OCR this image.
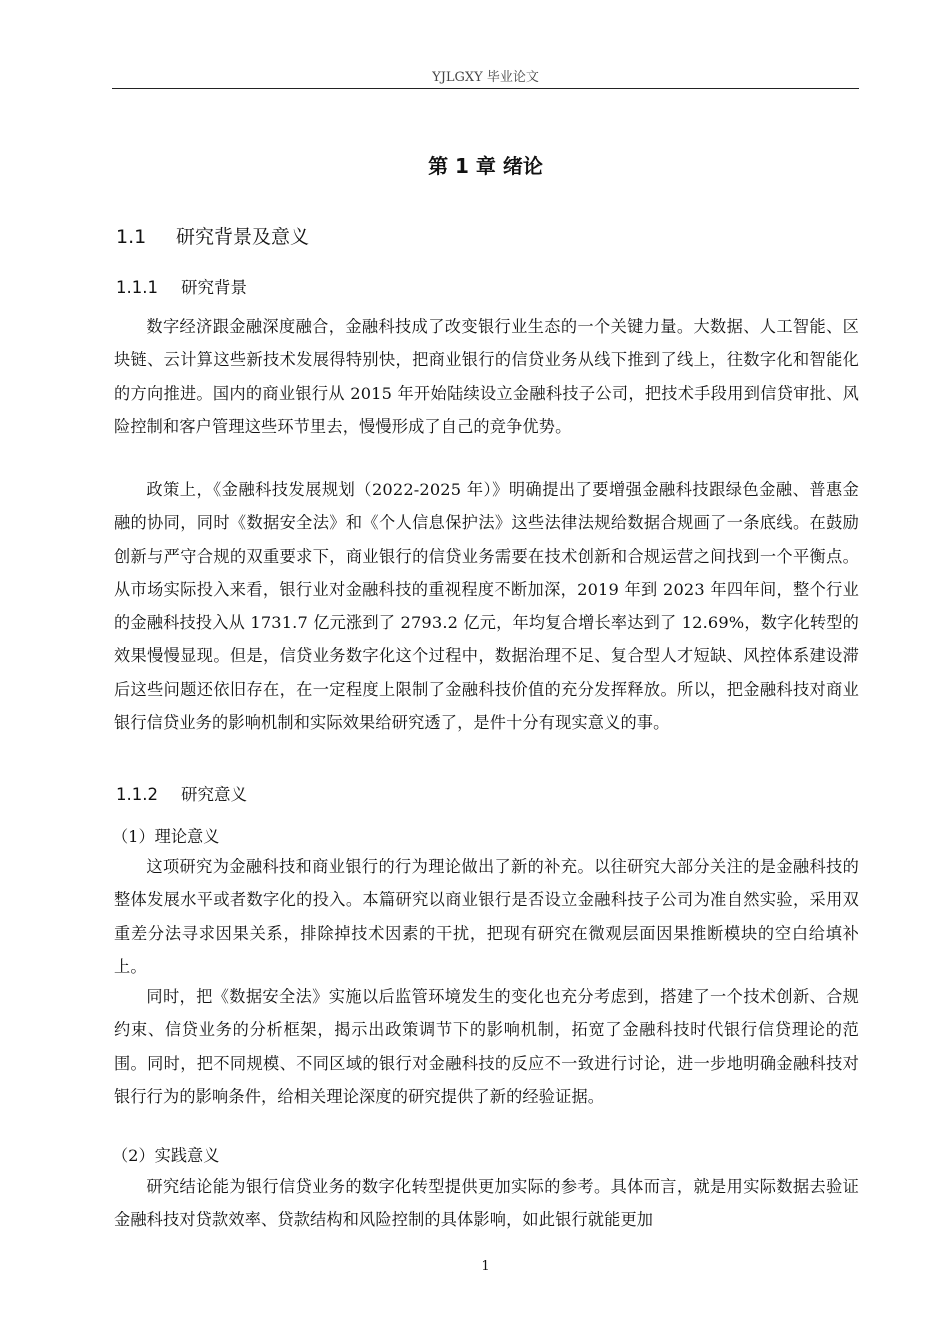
YJLGXY 毕业论文
第 1 章 绪论
1.1 研究背景及意义
1.1.1 研究背景

数字经济跟金融深度融合，金融科技成了改变银行业生态的一个关键力量。大数据、人工智能、区块链、云计算这些新技术发展得特别快，把商业银行的信贷业务从线下推到了线上，往数字化和智能化的方向推进。国内的商业银行从 2015 年开始陆续设立金融科技子公司，把技术手段用到信贷审批、风险控制和客户管理这些环节里去，慢慢形成了自己的竞争优势。

政策上，《金融科技发展规划（2022-2025 年）》明确提出了要增强金融科技跟绿色金融、普惠金融的协同，同时《数据安全法》和《个人信息保护法》这些法律法规给数据合规画了一条底线。在鼓励创新与严守合规的双重要求下，商业银行的信贷业务需要在技术创新和合规运营之间找到一个平衡点。从市场实际投入来看，银行业对金融科技的重视程度不断加深，2019 年到 2023 年四年间，整个行业的金融科技投入从 1731.7 亿元涨到了 2793.2 亿元，年均复合增长率达到了 12.69%，数字化转型的效果慢慢显现。但是，信贷业务数字化这个过程中，数据治理不足、复合型人才短缺、风控体系建设滞后这些问题还依旧存在，在一定程度上限制了金融科技价值的充分发挥释放。所以，把金融科技对商业银行信贷业务的影响机制和实际效果给研究透了，是件十分有现实意义的事。

1.1.2 研究意义
（1）理论意义

这项研究为金融科技和商业银行的行为理论做出了新的补充。以往研究大部分关注的是金融科技的整体发展水平或者数字化的投入。本篇研究以商业银行是否设立金融科技子公司为准自然实验，采用双重差分法寻求因果关系，排除掉技术因素的干扰，把现有研究在微观层面因果推断模块的空白给填补上。

同时，把《数据安全法》实施以后监管环境发生的变化也充分考虑到，搭建了一个技术创新、合规约束、信贷业务的分析框架，揭示出政策调节下的影响机制，拓宽了金融科技时代银行信贷理论的范围。同时，把不同规模、不同区域的银行对金融科技的反应不一致进行讨论，进一步地明确金融科技对银行行为的影响条件，给相关理论深度的研究提供了新的经验证据。

（2）实践意义

研究结论能为银行信贷业务的数字化转型提供更加实际的参考。具体而言，就是用实际数据去验证金融科技对贷款效率、贷款结构和风险控制的具体影响，如此银行就能更加

1
